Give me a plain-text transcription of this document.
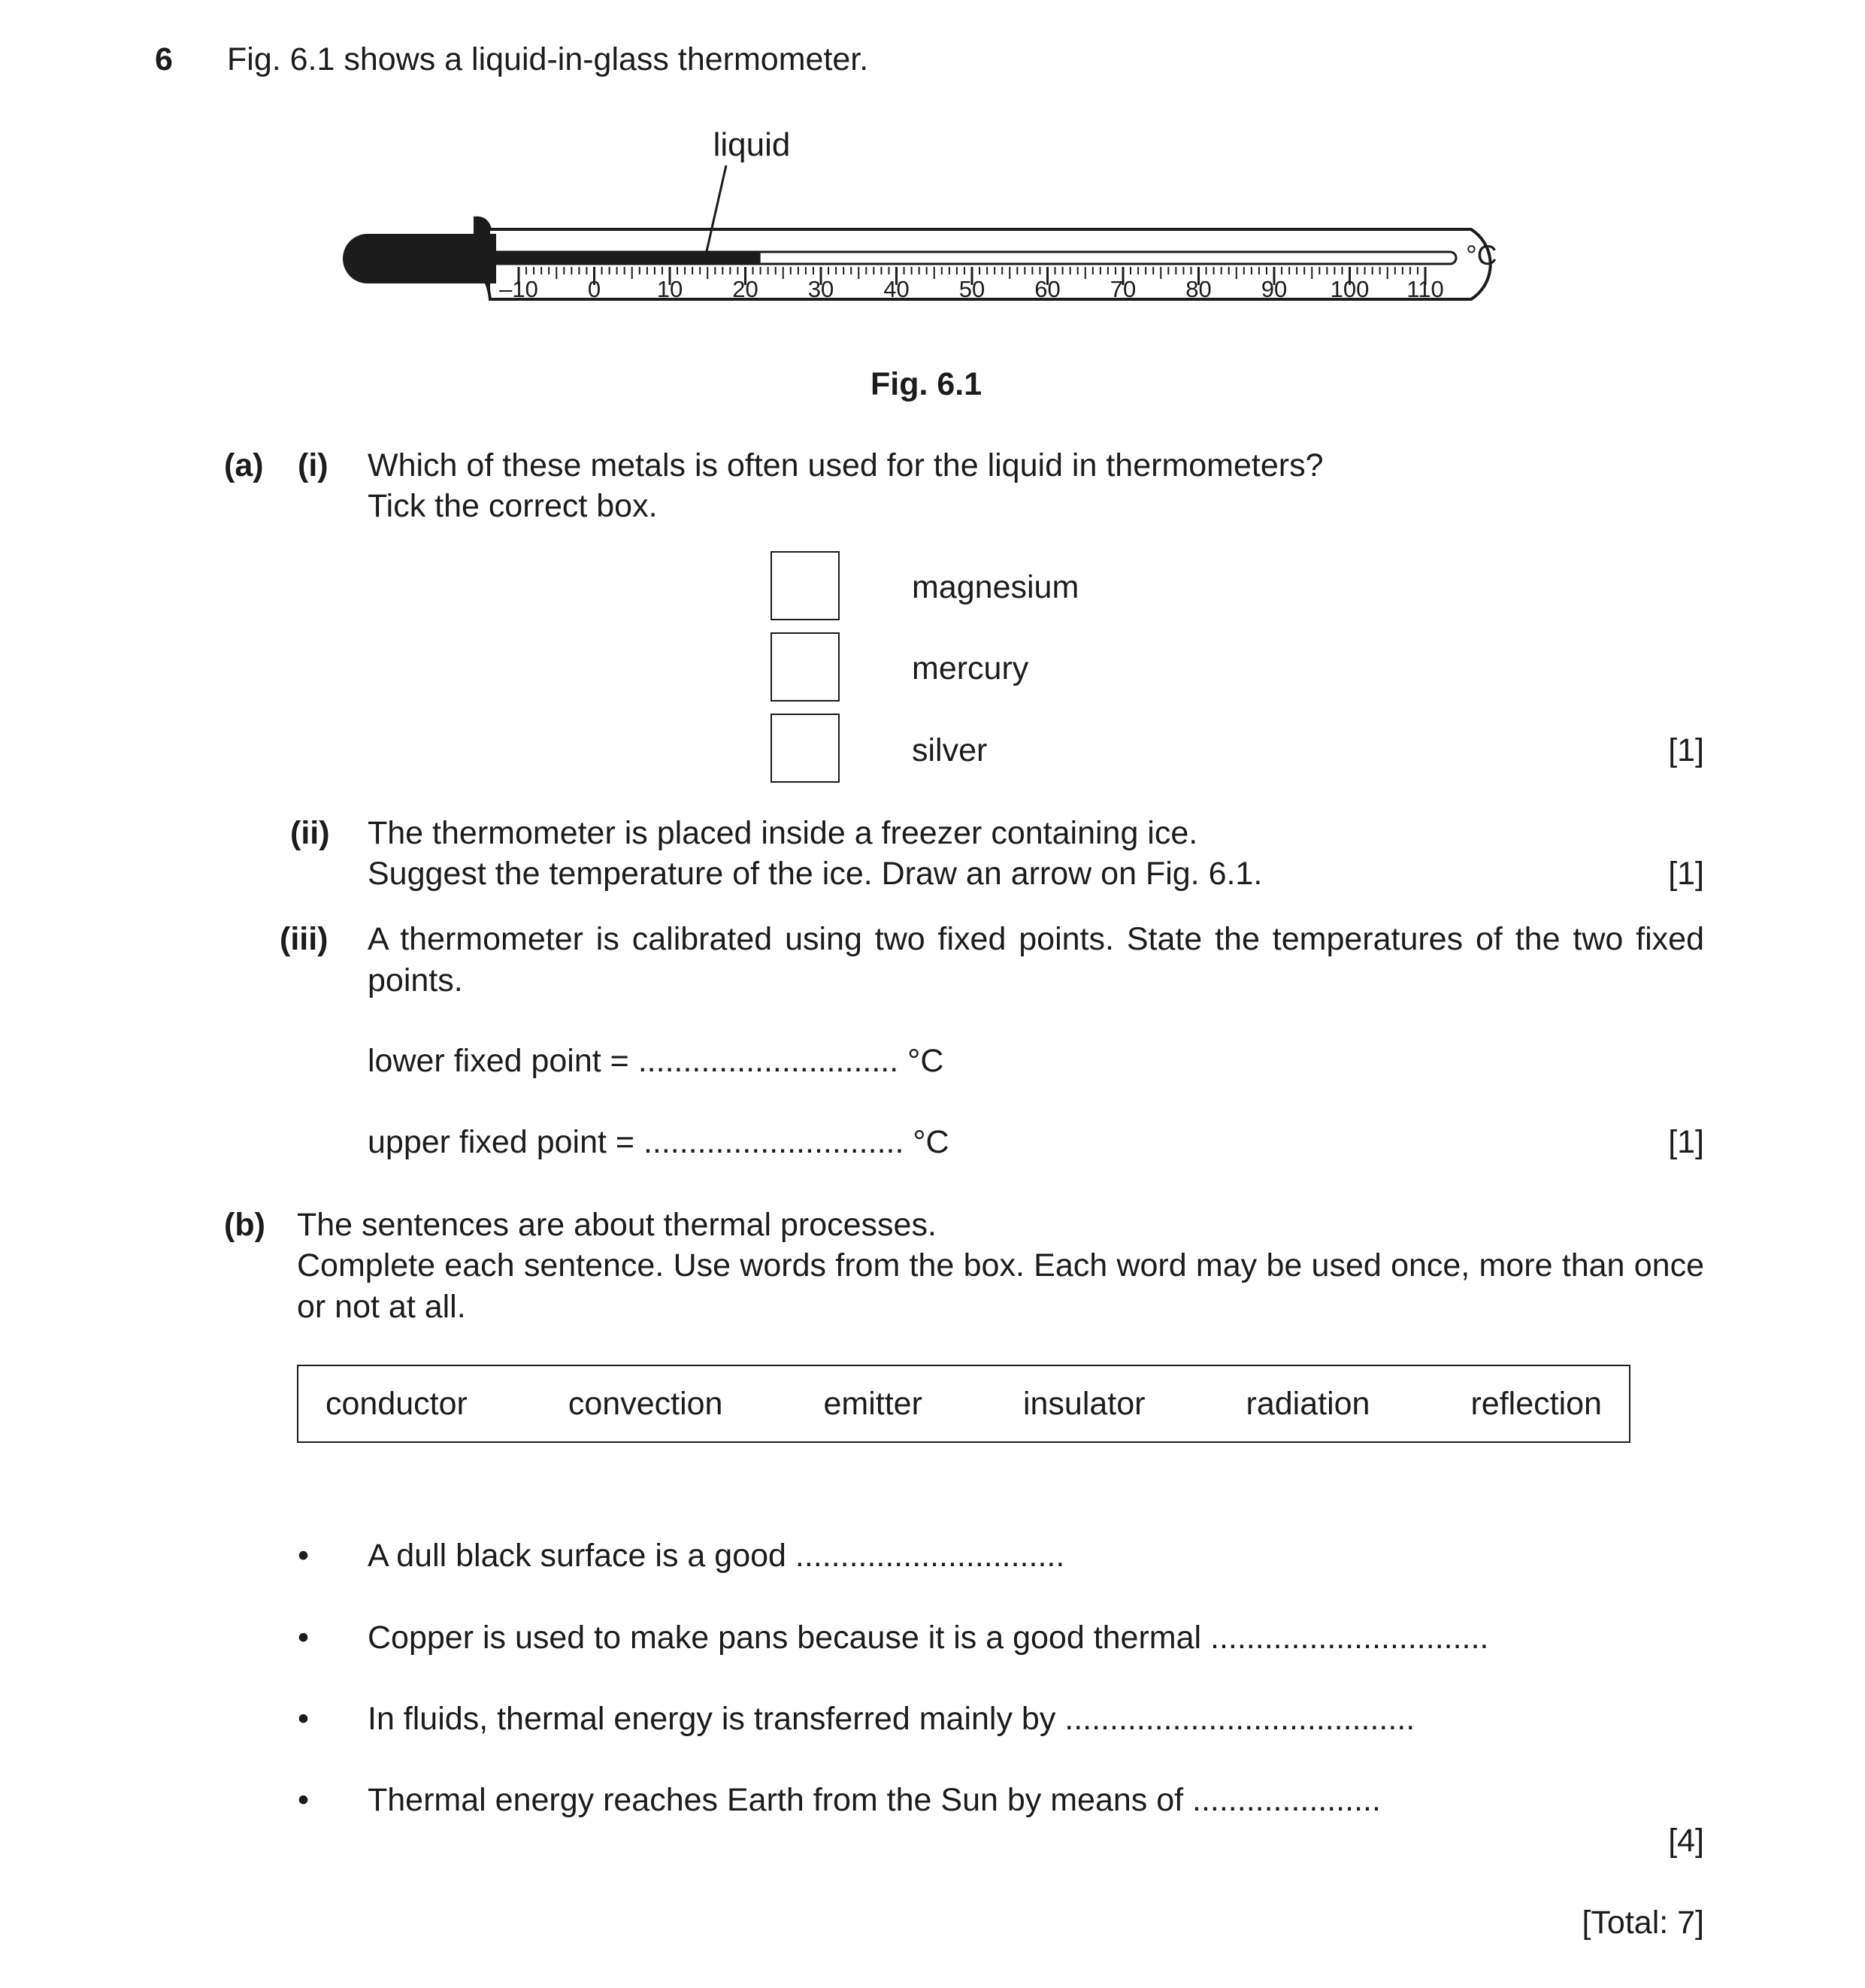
6 Fig. 6.1 shows a liquid-in-glass thermometer.
–10 0 10 20 30 40 50 60 70 80 90 100 110
°C
liquid
Fig. 6.1
(a) (i) Which of these metals is often used for the liquid in thermometers?
Tick the correct box.
magnesium
mercury
silver	[1]
(ii) The thermometer is placed inside a freezer containing ice.
Suggest the temperature of the ice. Draw an arrow on Fig. 6.1.	[1]
(iii) A thermometer is calibrated using two fixed points. State the temperatures of the two fixed points.
lower fixed point = ............................. °C
upper fixed point = ............................. °C	[1]
(b) The sentences are about thermal processes.
Complete each sentence. Use words from the box. Each word may be used once, more than once or not at all.
conductor	convection	emitter	insulator	radiation	reflection
• A dull black surface is a good ..............................
• Copper is used to make pans because it is a good thermal ...............................
• In fluids, thermal energy is transferred mainly by .......................................
• Thermal energy reaches Earth from the Sun by means of .....................
[4]
[Total: 7]
